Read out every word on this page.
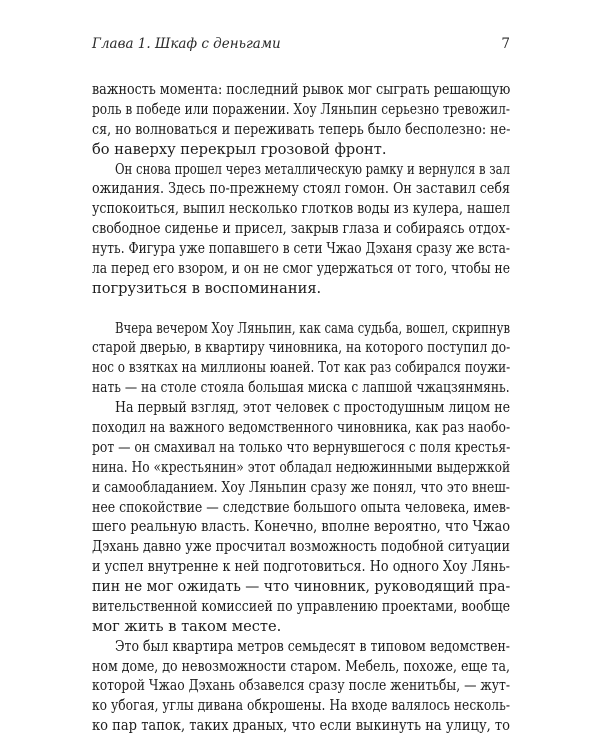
Глава 1. Шкаф с деньгами	7
важность момента: последний рывок мог сыграть решающую
роль в победе или поражении. Хоу Ляньпин серьезно тревожил-
ся, но волноваться и переживать теперь было бесполезно: не-
бо наверху перекрыл грозовой фронт.
Он снова прошел через металлическую рамку и вернулся в зал
ожидания. Здесь по-прежнему стоял гомон. Он заставил себя
успокоиться, выпил несколько глотков воды из кулера, нашел
свободное сиденье и присел, закрыв глаза и собираясь отдох-
нуть. Фигура уже попавшего в сети Чжао Дэханя сразу же вста-
ла перед его взором, и он не смог удержаться от того, чтобы не
погрузиться в воспоминания.
Вчера вечером Хоу Ляньпин, как сама судьба, вошел, скрипнув
старой дверью, в квартиру чиновника, на которого поступил до-
нос о взятках на миллионы юаней. Тот как раз собирался поужи-
нать — на столе стояла большая миска с лапшой чжацзянмянь.
На первый взгляд, этот человек с простодушным лицом не
походил на важного ведомственного чиновника, как раз наобо-
рот — он смахивал на только что вернувшегося с поля крестья-
нина. Но «крестьянин» этот обладал недюжинными выдержкой
и самообладанием. Хоу Ляньпин сразу же понял, что это внеш-
нее спокойствие — следствие большого опыта человека, имев-
шего реальную власть. Конечно, вполне вероятно, что Чжао
Дэхань давно уже просчитал возможность подобной ситуации
и успел внутренне к ней подготовиться. Но одного Хоу Лянь-
пин не мог ожидать — что чиновник, руководящий пра-
вительственной комиссией по управлению проектами, вообще
мог жить в таком месте.
Это был квартира метров семьдесят в типовом ведомствен-
ном доме, до невозможности старом. Мебель, похоже, еще та,
которой Чжао Дэхань обзавелся сразу после женитьбы, — жут-
ко убогая, углы дивана обкрошены. На входе валялось несколь-
ко пар тапок, таких драных, что если выкинуть на улицу, то
